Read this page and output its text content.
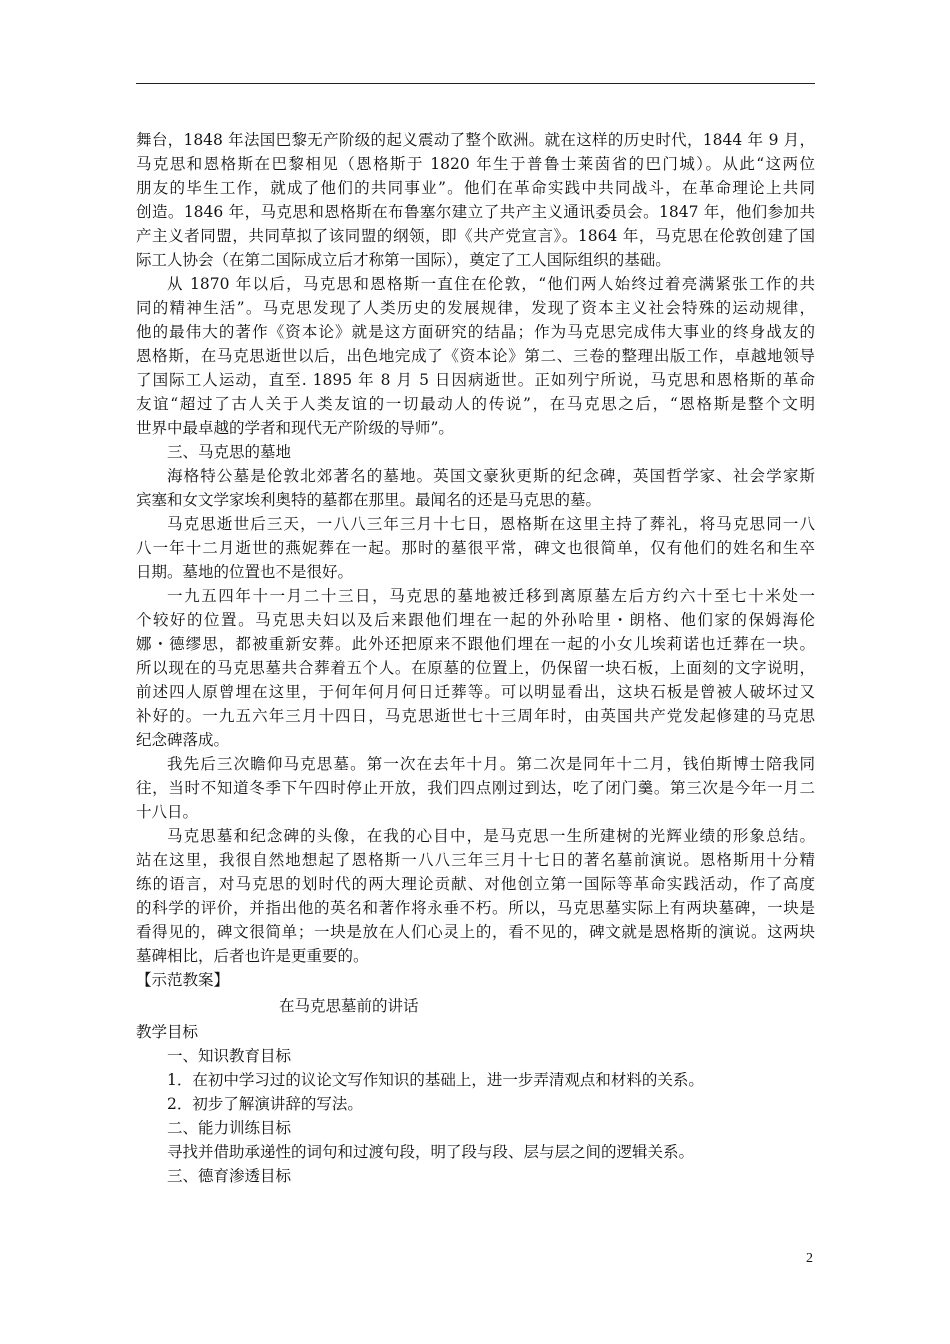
舞台，1848 年法国巴黎无产阶级的起义震动了整个欧洲。就在这样的历史时代，1844 年 9 月，
马克思和恩格斯在巴黎相见（恩格斯于 1820 年生于普鲁士莱茵省的巴门城）。从此“这两位
朋友的毕生工作，就成了他们的共同事业”。他们在革命实践中共同战斗，在革命理论上共同
创造。1846 年，马克思和恩格斯在布鲁塞尔建立了共产主义通讯委员会。1847 年，他们参加共
产主义者同盟，共同草拟了该同盟的纲领，即《共产党宣言》。1864 年，马克思在伦敦创建了国
际工人协会（在第二国际成立后才称第一国际），奠定了工人国际组织的基础。
从 1870 年以后，马克思和恩格斯一直住在伦敦，“他们两人始终过着亮满紧张工作的共
同的精神生活”。马克思发现了人类历史的发展规律，发现了资本主义社会特殊的运动规律，
他的最伟大的著作《资本论》就是这方面研究的结晶；作为马克思完成伟大事业的终身战友的
恩格斯，在马克思逝世以后，出色地完成了《资本论》第二、三卷的整理出版工作，卓越地领导
了国际工人运动，直至. 1895 年 8 月 5 日因病逝世。正如列宁所说，马克思和恩格斯的革命
友谊“超过了古人关于人类友谊的一切最动人的传说”，在马克思之后，“恩格斯是整个文明
世界中最卓越的学者和现代无产阶级的导师”。
三、马克思的墓地
海格特公墓是伦敦北郊著名的墓地。英国文豪狄更斯的纪念碑，英国哲学家、社会学家斯
宾塞和女文学家埃利奥特的墓都在那里。最闻名的还是马克思的墓。
马克思逝世后三天，一八八三年三月十七日，恩格斯在这里主持了葬礼，将马克思同一八
八一年十二月逝世的燕妮葬在一起。那时的墓很平常，碑文也很简单，仅有他们的姓名和生卒
日期。墓地的位置也不是很好。
一九五四年十一月二十三日，马克思的墓地被迁移到离原墓左后方约六十至七十米处一
个较好的位置。马克思夫妇以及后来跟他们埋在一起的外孙哈里・朗格、他们家的保姆海伦
娜・德缪思，都被重新安葬。此外还把原来不跟他们埋在一起的小女儿埃莉诺也迁葬在一块。
所以现在的马克思墓共合葬着五个人。在原墓的位置上，仍保留一块石板，上面刻的文字说明，
前述四人原曾埋在这里，于何年何月何日迁葬等。可以明显看出，这块石板是曾被人破坏过又
补好的。一九五六年三月十四日，马克思逝世七十三周年时，由英国共产党发起修建的马克思
纪念碑落成。
我先后三次瞻仰马克思墓。第一次在去年十月。第二次是同年十二月，钱伯斯博士陪我同
往，当时不知道冬季下午四时停止开放，我们四点刚过到达，吃了闭门羹。第三次是今年一月二
十八日。
马克思墓和纪念碑的头像，在我的心目中，是马克思一生所建树的光辉业绩的形象总结。
站在这里，我很自然地想起了恩格斯一八八三年三月十七日的著名墓前演说。恩格斯用十分精
练的语言，对马克思的划时代的两大理论贡献、对他创立第一国际等革命实践活动，作了高度
的科学的评价，并指出他的英名和著作将永垂不朽。所以，马克思墓实际上有两块墓碑，一块是
看得见的，碑文很简单；一块是放在人们心灵上的，看不见的，碑文就是恩格斯的演说。这两块
墓碑相比，后者也许是更重要的。
【示范教案】
在马克思墓前的讲话
教学目标
一、知识教育目标
1．在初中学习过的议论文写作知识的基础上，进一步弄清观点和材料的关系。
2．初步了解演讲辞的写法。
二、能力训练目标
寻找并借助承递性的词句和过渡句段，明了段与段、层与层之间的逻辑关系。
三、德育渗透目标
2
